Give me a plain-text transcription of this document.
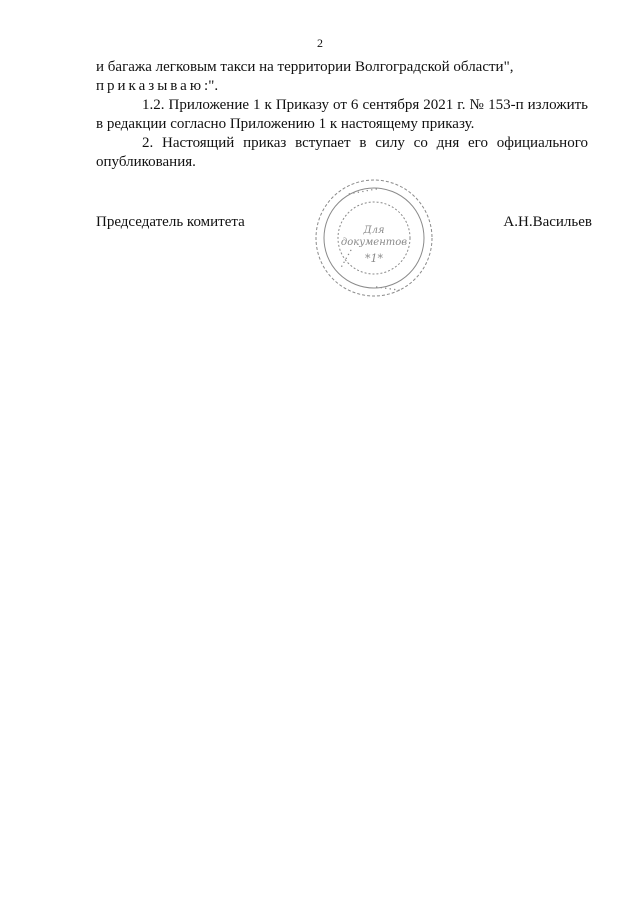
2

и багажа легковым такси на территории Волгоградской области",
приказываю:".

1.2. Приложение 1 к Приказу от 6 сентября 2021 г. № 153-п изложить в редакции согласно Приложению 1 к настоящему приказу.

2. Настоящий приказ вступает в силу со дня его официального опубликования.

Председатель комитета
• • • • • • •
• • • • •
• • • • • •
Для
документов
*1*
А.Н.Васильев
